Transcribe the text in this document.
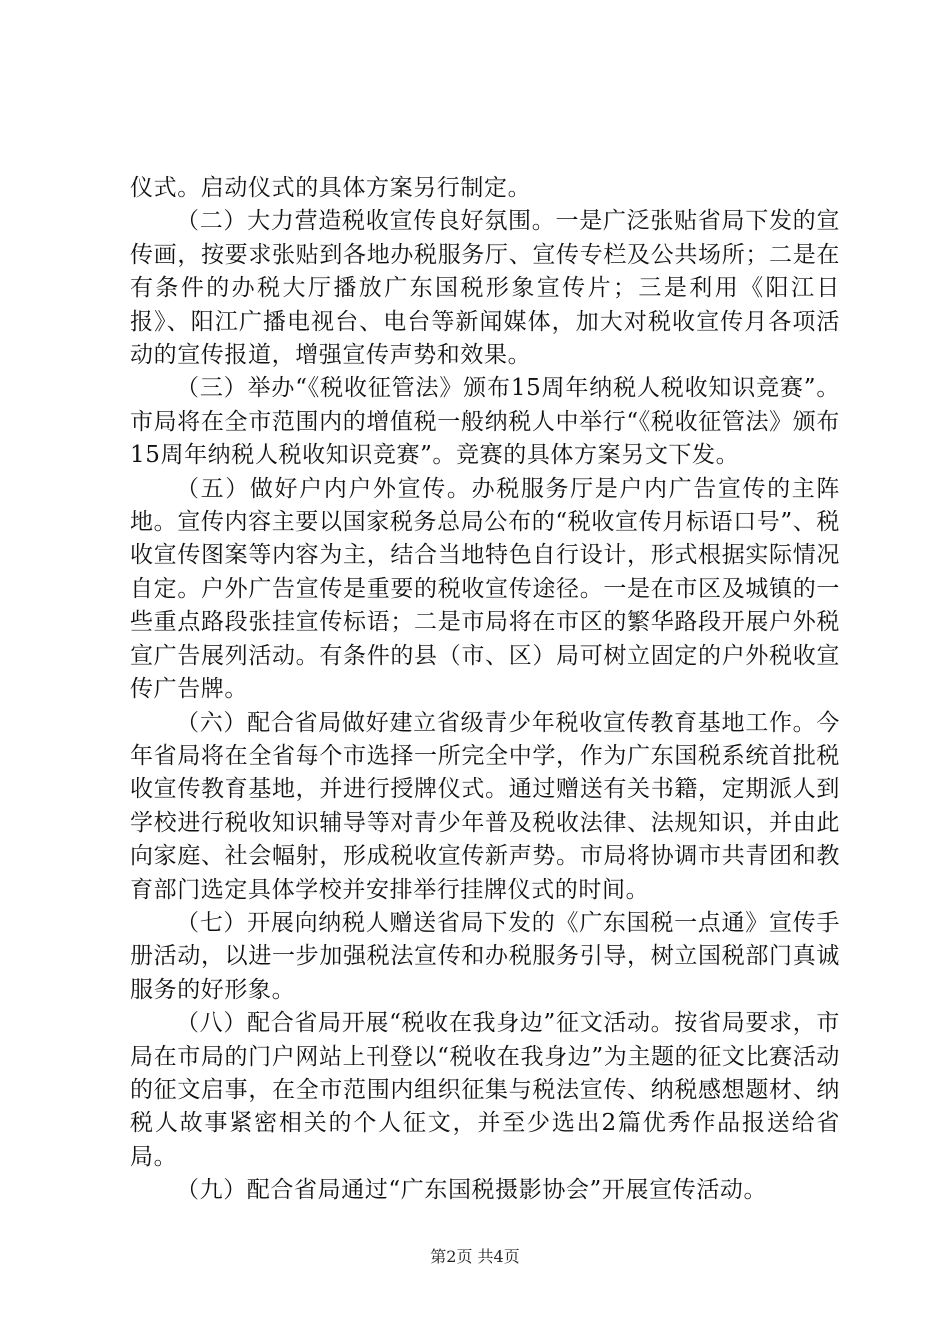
仪式。启动仪式的具体方案另行制定。

（二）大力营造税收宣传良好氛围。一是广泛张贴省局下发的宣传画，按要求张贴到各地办税服务厅、宣传专栏及公共场所；二是在有条件的办税大厅播放广东国税形象宣传片；三是利用《阳江日报》、阳江广播电视台、电台等新闻媒体，加大对税收宣传月各项活动的宣传报道，增强宣传声势和效果。

（三）举办“《税收征管法》颁布15周年纳税人税收知识竞赛”。市局将在全市范围内的增值税一般纳税人中举行“《税收征管法》颁布15周年纳税人税收知识竞赛”。竞赛的具体方案另文下发。

（五）做好户内户外宣传。办税服务厅是户内广告宣传的主阵地。宣传内容主要以国家税务总局公布的“税收宣传月标语口号”、税收宣传图案等内容为主，结合当地特色自行设计，形式根据实际情况自定。户外广告宣传是重要的税收宣传途径。一是在市区及城镇的一些重点路段张挂宣传标语；二是市局将在市区的繁华路段开展户外税宣广告展列活动。有条件的县（市、区）局可树立固定的户外税收宣传广告牌。

（六）配合省局做好建立省级青少年税收宣传教育基地工作。今年省局将在全省每个市选择一所完全中学，作为广东国税系统首批税收宣传教育基地，并进行授牌仪式。通过赠送有关书籍，定期派人到学校进行税收知识辅导等对青少年普及税收法律、法规知识，并由此向家庭、社会幅射，形成税收宣传新声势。市局将协调市共青团和教育部门选定具体学校并安排举行挂牌仪式的时间。

（七）开展向纳税人赠送省局下发的《广东国税一点通》宣传手册活动，以进一步加强税法宣传和办税服务引导，树立国税部门真诚服务的好形象。

（八）配合省局开展“税收在我身边”征文活动。按省局要求，市局在市局的门户网站上刊登以“税收在我身边”为主题的征文比赛活动的征文启事，在全市范围内组织征集与税法宣传、纳税感想题材、纳税人故事紧密相关的个人征文，并至少选出2篇优秀作品报送给省局。

（九）配合省局通过“广东国税摄影协会”开展宣传活动。

第2页 共4页
